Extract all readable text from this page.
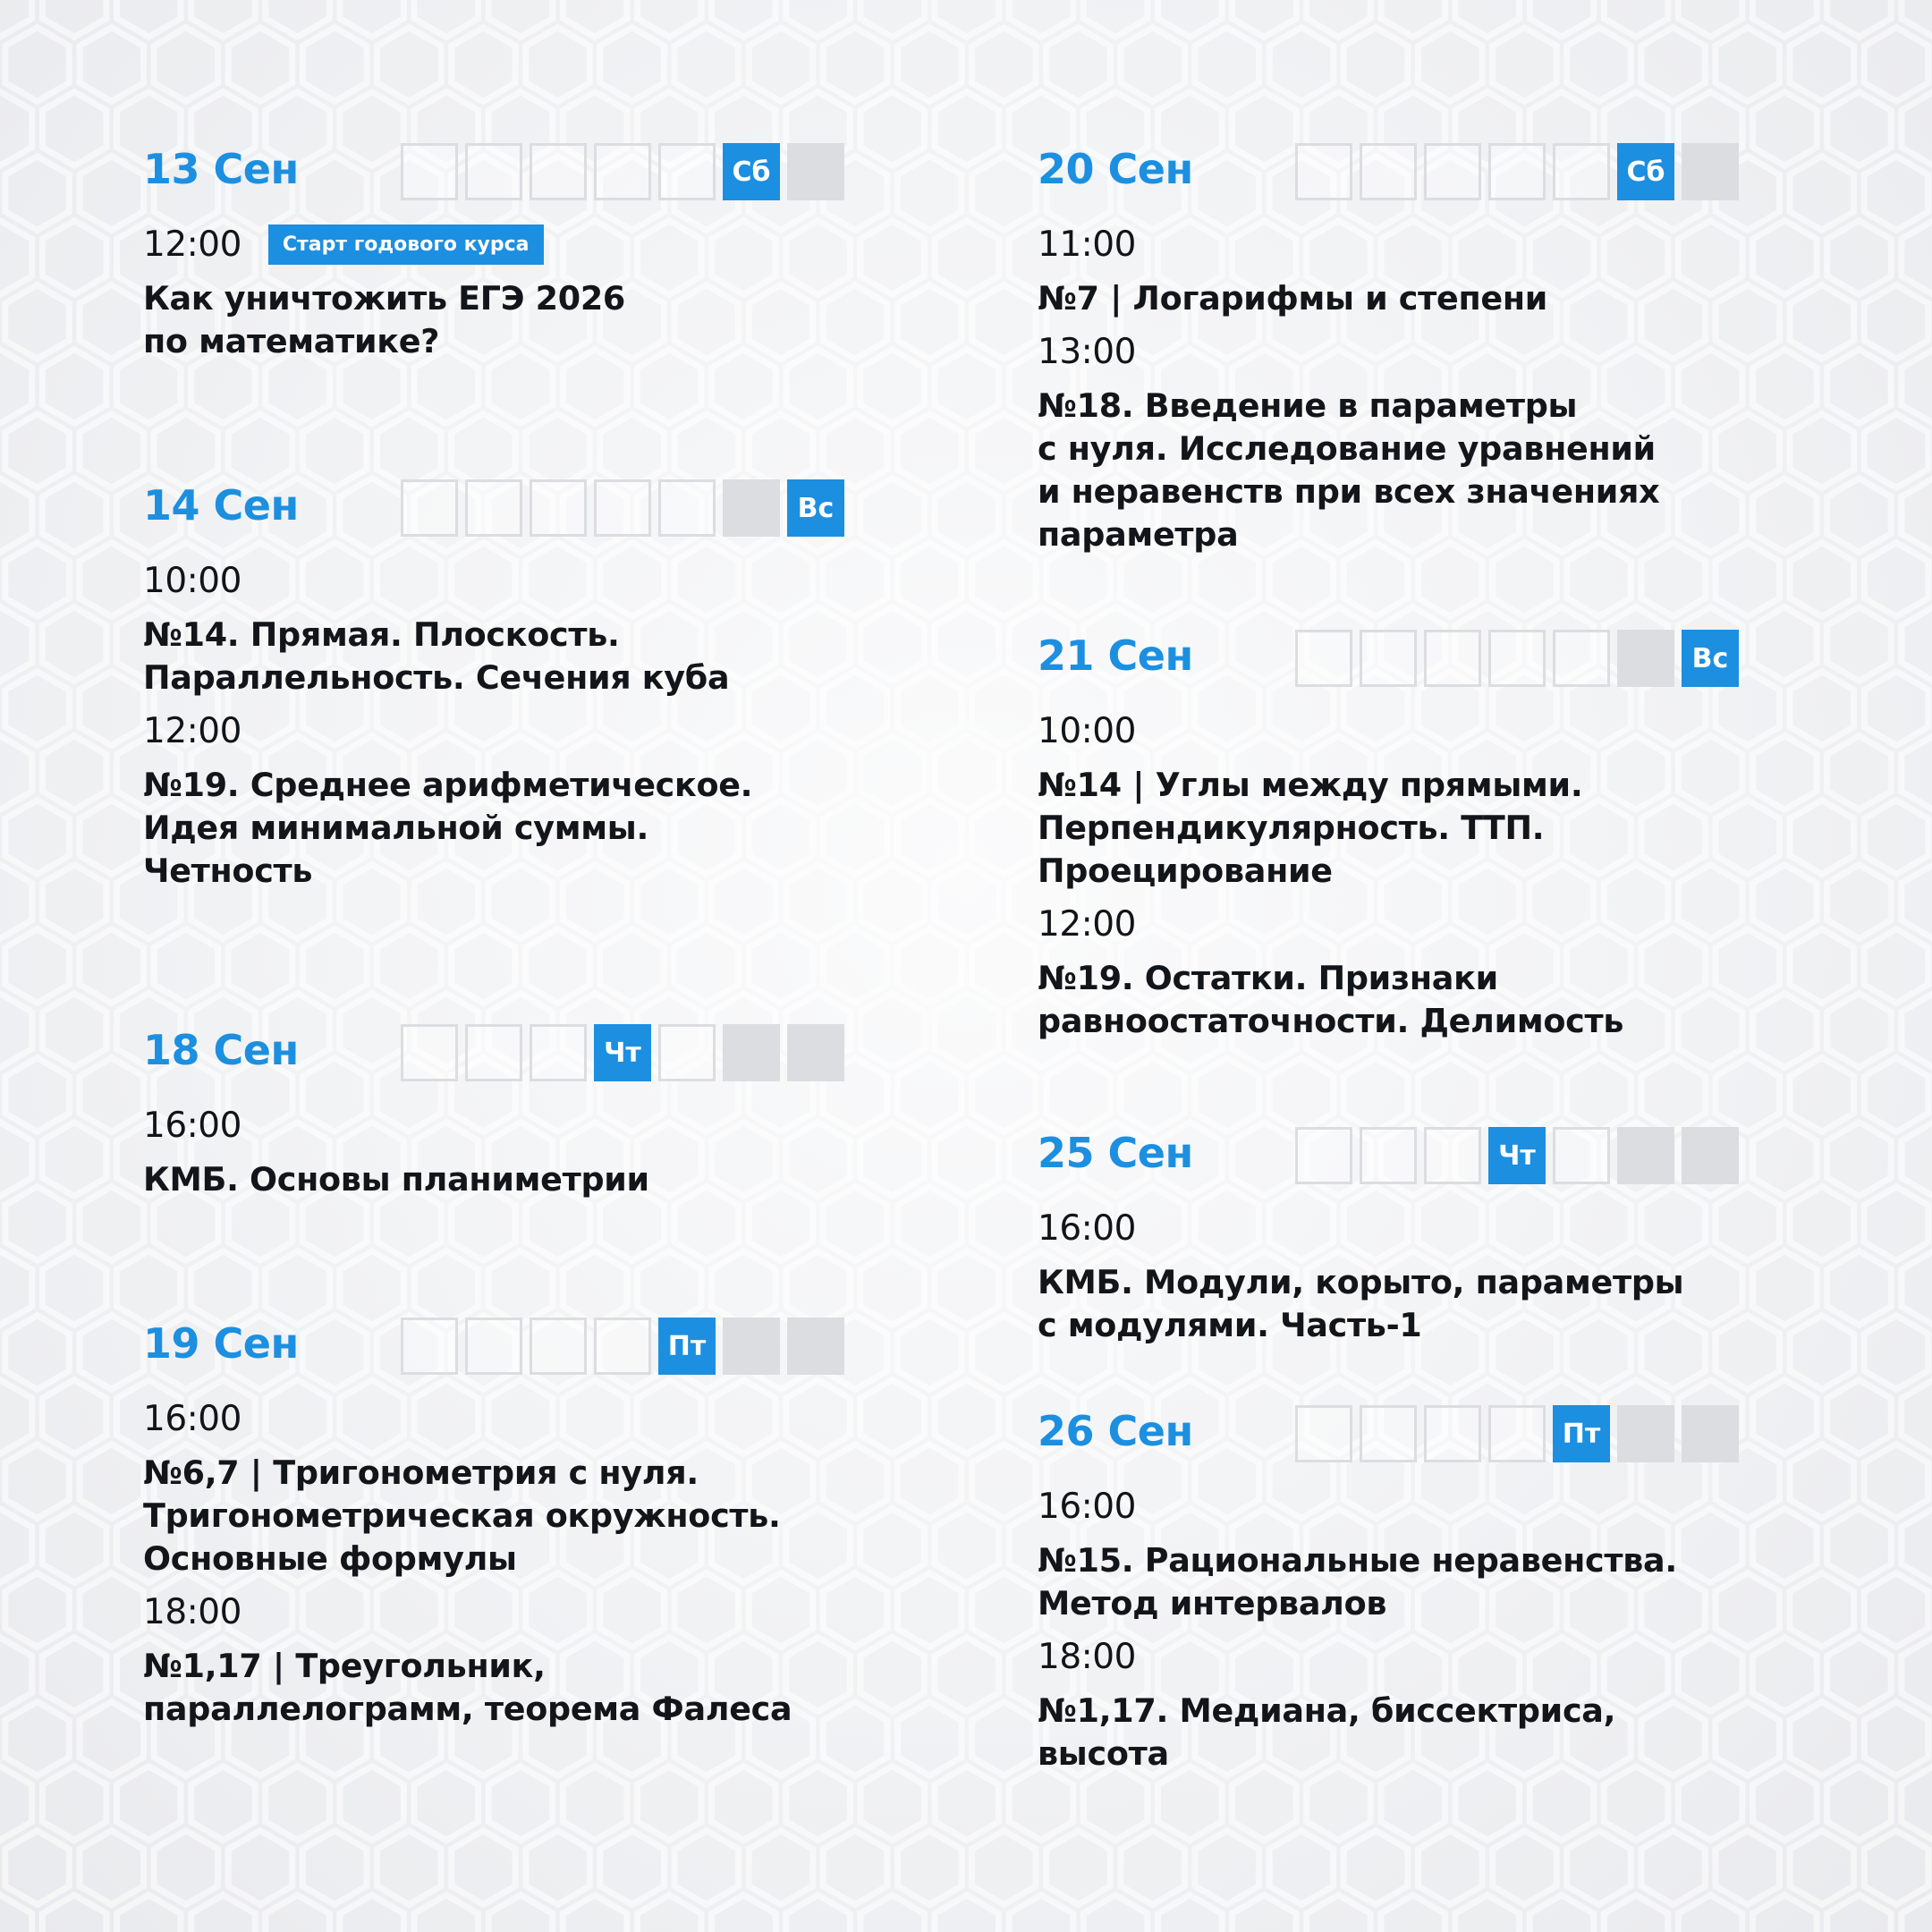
13 Сен	Сб
12:00	Старт годового курса
Как уничтожить ЕГЭ 2026
по математике?
14 Сен	Вс
10:00
№14. Прямая. Плоскость.
Параллельность. Сечения куба
12:00
№19. Среднее арифметическое.
Идея минимальной суммы.
Четность
18 Сен	Чт
16:00
КМБ. Основы планиметрии
19 Сен	Пт
16:00
№6,7 | Тригонометрия с нуля.
Тригонометрическая окружность.
Основные формулы
18:00
№1,17 | Треугольник,
параллелограмм, теорема Фалеса
20 Сен	Сб
11:00
№7 | Логарифмы и степени
13:00
№18. Введение в параметры
с нуля. Исследование уравнений
и неравенств при всех значениях
параметра
21 Сен	Вс
10:00
№14 | Углы между прямыми.
Перпендикулярность. ТТП.
Проецирование
12:00
№19. Остатки. Признаки
равноостаточности. Делимость
25 Сен	Чт
16:00
КМБ. Модули, корыто, параметры
с модулями. Часть-1
26 Сен	Пт
16:00
№15. Рациональные неравенства.
Метод интервалов
18:00
№1,17. Медиана, биссектриса,
высота
